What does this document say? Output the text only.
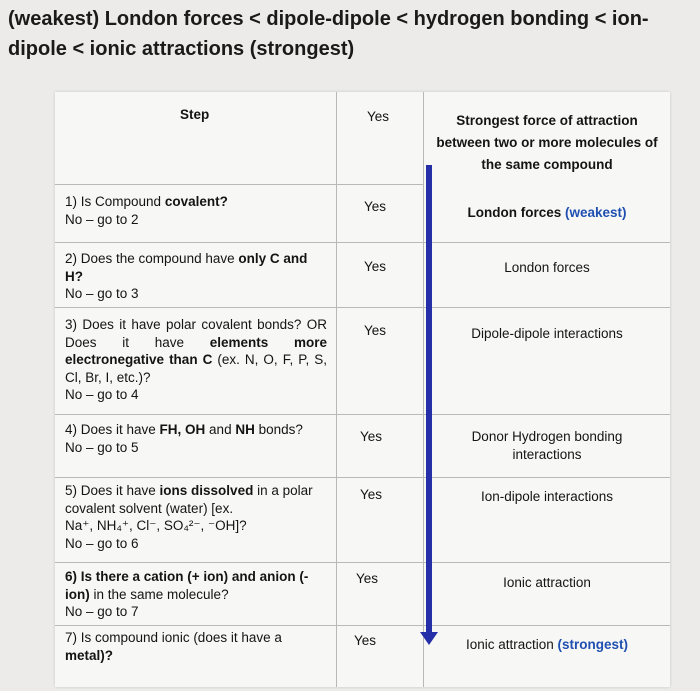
(weakest) London forces < dipole-dipole < hydrogen bonding < ion-
dipole < ionic attractions (strongest)
Step	Yes	Strongest force of attraction between two or more molecules of the same compound
1) Is Compound covalent?
No – go to 2
Yes	London forces (weakest)
2) Does the compound have only C and H?
No – go to 3
Yes	London forces
3) Does it have polar covalent bonds? OR Does it have elements more electronegative than C (ex. N, O, F, P, S, Cl, Br, I, etc.)?
No – go to 4
Yes	Dipole-dipole interactions
4) Does it have FH, OH and NH bonds?
No – go to 5
Yes	Donor Hydrogen bonding interactions
5) Does it have ions dissolved in a polar covalent solvent (water) [ex.
Na⁺, NH₄⁺, Cl⁻, SO₄²⁻, ⁻OH]?
No – go to 6
Yes	Ion-dipole interactions
6) Is there a cation (+ ion) and anion (- ion) in the same molecule?
No – go to 7
Yes	Ionic attraction
7) Is compound ionic (does it have a metal)?
Yes	Ionic attraction (strongest)
